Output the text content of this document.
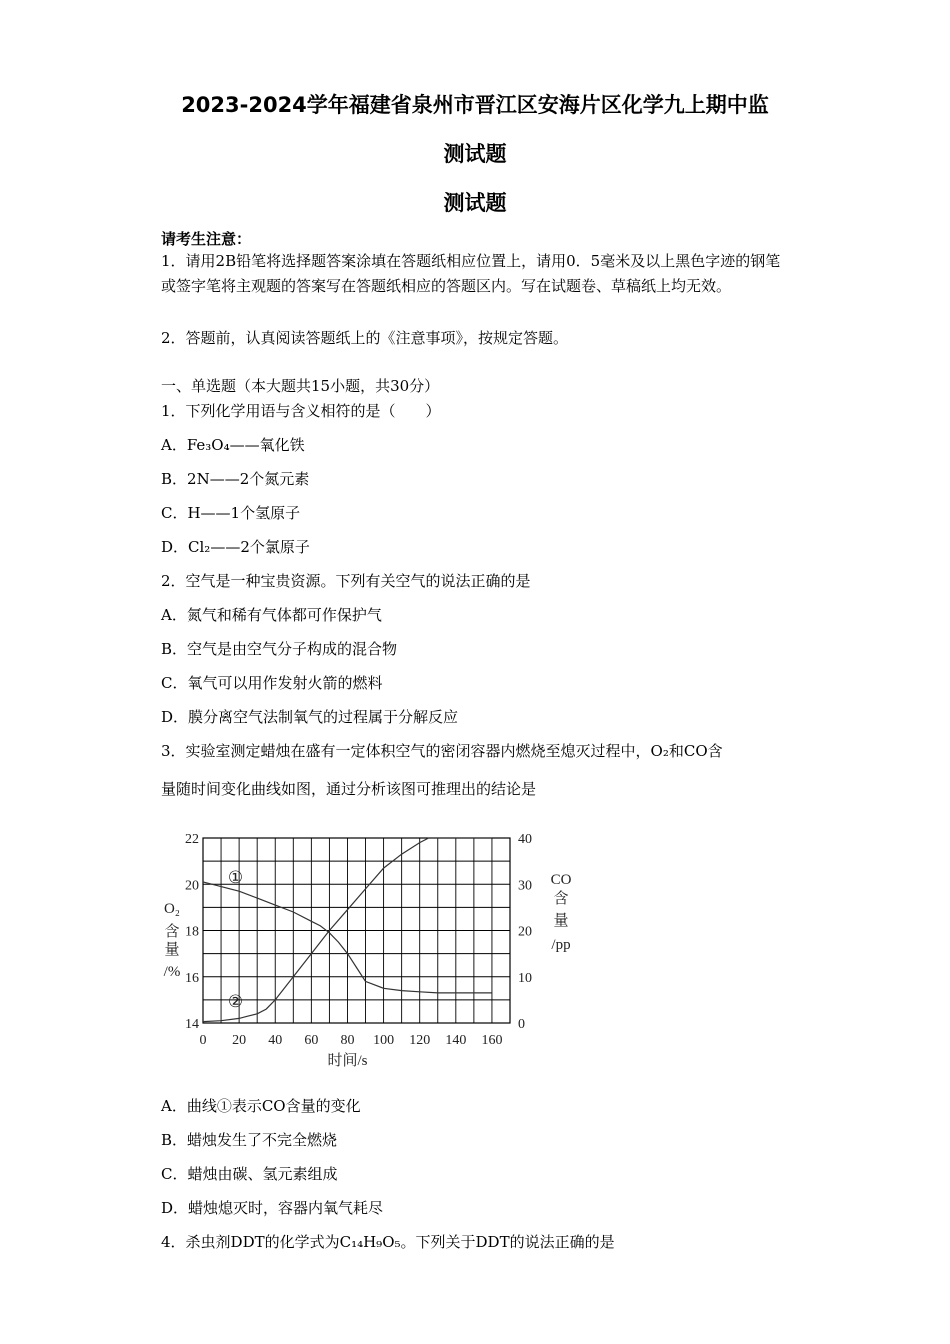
2023-2024学年福建省泉州市晋江区安海片区化学九上期中监
测试题
测试题
请考生注意：
1．请用2B铅笔将选择题答案涂填在答题纸相应位置上，请用0．5毫米及以上黑色字迹的钢笔或签字笔将主观题的答案写在答题纸相应的答题区内。写在试题卷、草稿纸上均无效。
2．答题前，认真阅读答题纸上的《注意事项》，按规定答题。
一、单选题（本大题共15小题，共30分）
1．下列化学用语与含义相符的是（　　）
A．Fe₃O₄——氧化铁
B．2N——2个氮元素
C．H——1个氢原子
D．Cl₂——2个氯原子
2．空气是一种宝贵资源。下列有关空气的说法正确的是
A．氮气和稀有气体都可作保护气
B．空气是由空气分子构成的混合物
C．氧气可以用作发射火箭的燃料
D．膜分离空气法制氧气的过程属于分解反应
3．实验室测定蜡烛在盛有一定体积空气的密闭容器内燃烧至熄灭过程中，O₂和CO含
量随时间变化曲线如图，通过分析该图可推理出的结论是
0 20 40 60 80 100 120 140 160
14
16
18
20
22
0
10
20
30
40
①
②
时间/s
O₂
含
量
/%
CO
含
量
/pp
A．曲线①表示CO含量的变化
B．蜡烛发生了不完全燃烧
C．蜡烛由碳、氢元素组成
D．蜡烛熄灭时，容器内氧气耗尽
4．杀虫剂DDT的化学式为C₁₄H₉O₅。下列关于DDT的说法正确的是
